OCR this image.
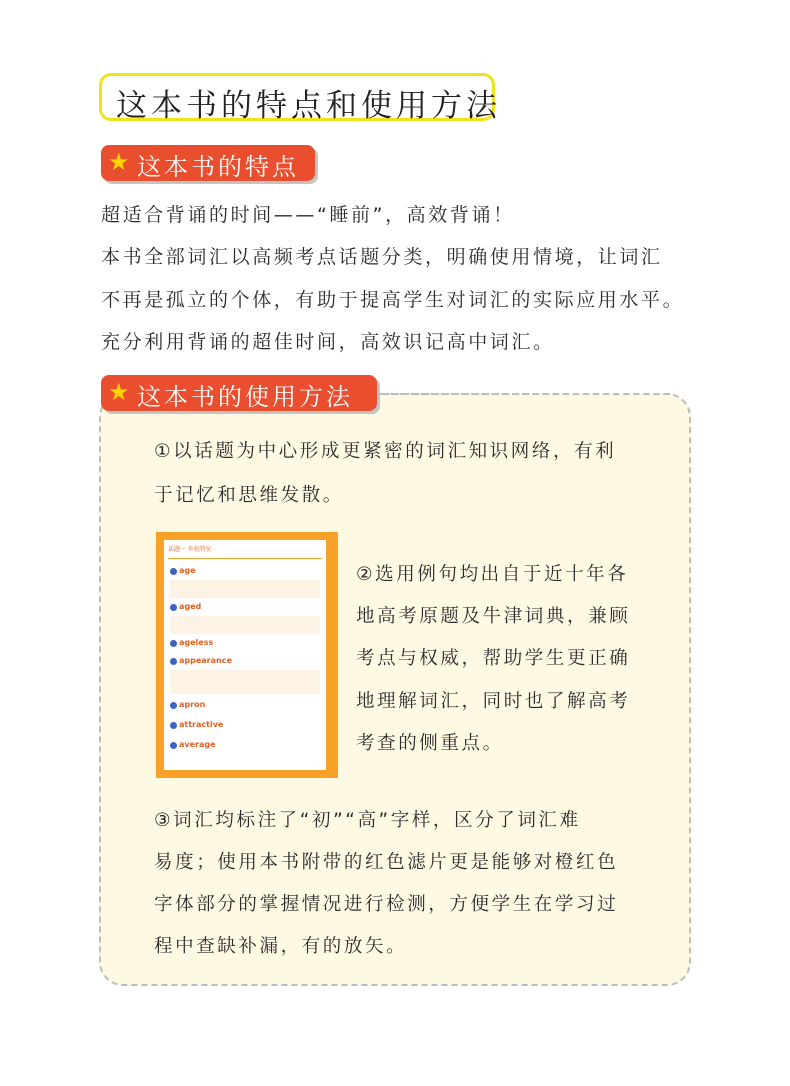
这本书的特点和使用方法
★ 这本书的特点
超适合背诵的时间——“睡前”，高效背诵！
本书全部词汇以高频考点话题分类，明确使用情境，让词汇
不再是孤立的个体，有助于提高学生对词汇的实际应用水平。
充分利用背诵的超佳时间，高效识记高中词汇。
★ 这本书的使用方法
①以话题为中心形成更紧密的词汇知识网络，有利
于记忆和思维发散。
话题一 外貌特征
age
aged
ageless
appearance
apron
attractive
average
②选用例句均出自于近十年各
地高考原题及牛津词典，兼顾
考点与权威，帮助学生更正确
地理解词汇，同时也了解高考
考查的侧重点。
③词汇均标注了“初”“高”字样，区分了词汇难
易度；使用本书附带的红色滤片更是能够对橙红色
字体部分的掌握情况进行检测，方便学生在学习过
程中查缺补漏，有的放矢。
